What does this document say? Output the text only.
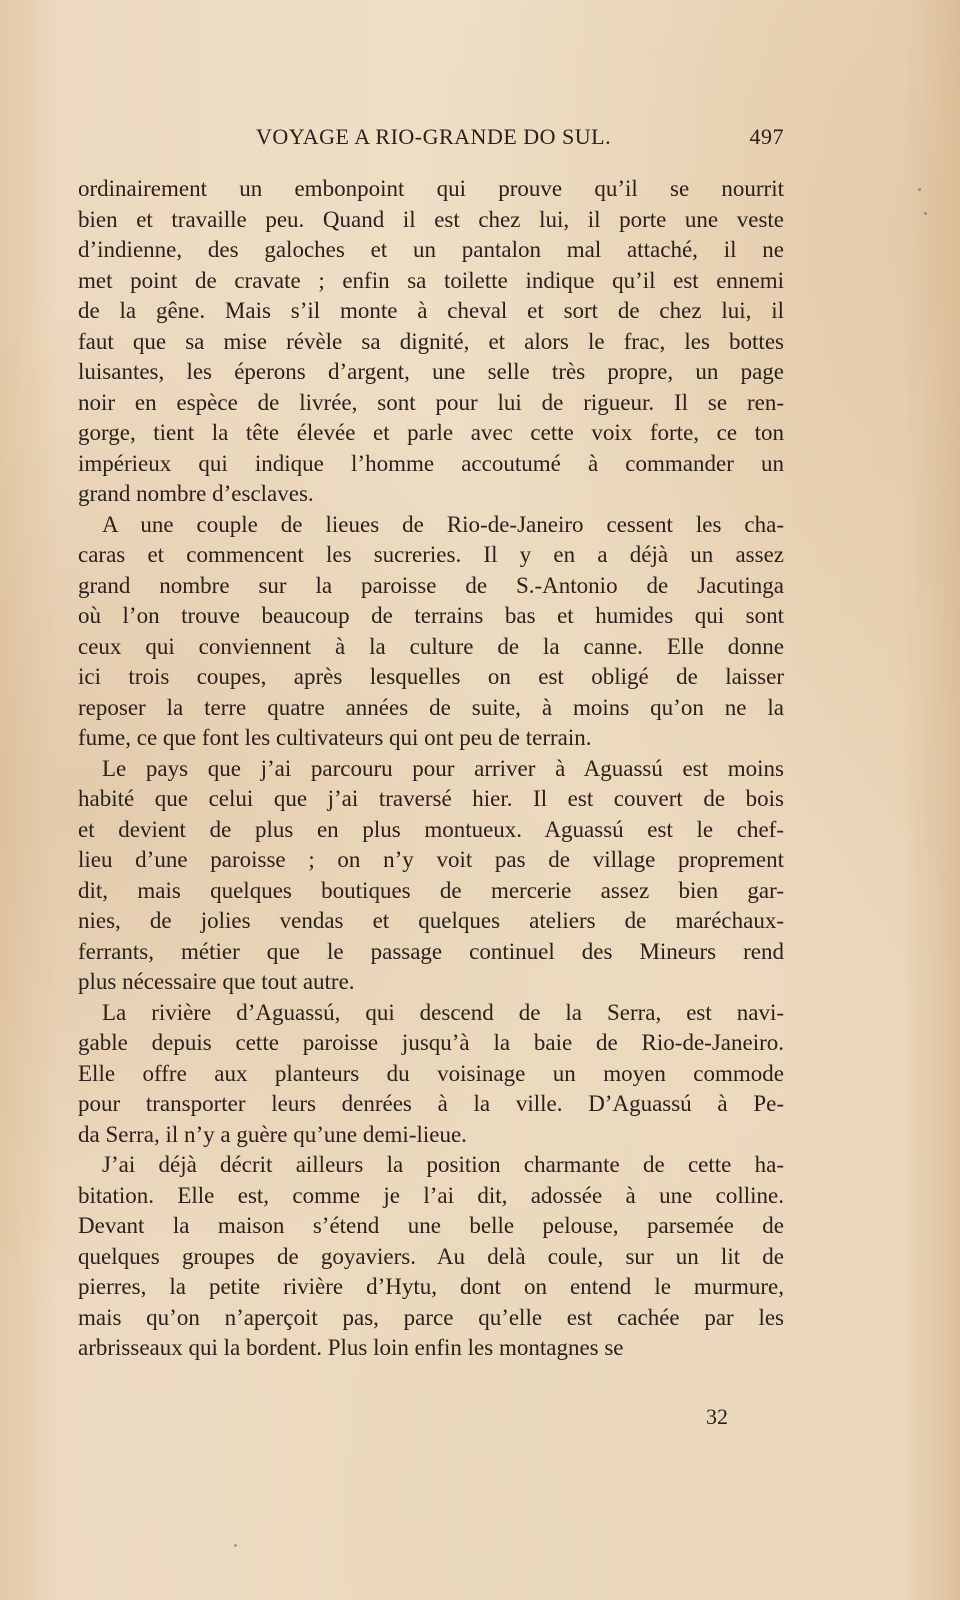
VOYAGE A RIO-GRANDE DO SUL.	497
ordinairement un embonpoint qui prouve qu’il se nourrit
bien et travaille peu. Quand il est chez lui, il porte une veste
d’indienne, des galoches et un pantalon mal attaché, il ne
met point de cravate ; enfin sa toilette indique qu’il est ennemi
de la gêne. Mais s’il monte à cheval et sort de chez lui, il
faut que sa mise révèle sa dignité, et alors le frac, les bottes
luisantes, les éperons d’argent, une selle très propre, un page
noir en espèce de livrée, sont pour lui de rigueur. Il se ren-
gorge, tient la tête élevée et parle avec cette voix forte, ce ton
impérieux qui indique l’homme accoutumé à commander un
grand nombre d’esclaves.
A une couple de lieues de Rio-de-Janeiro cessent les cha-
caras et commencent les sucreries. Il y en a déjà un assez
grand nombre sur la paroisse de S.-Antonio de Jacutinga
où l’on trouve beaucoup de terrains bas et humides qui sont
ceux qui conviennent à la culture de la canne. Elle donne
ici trois coupes, après lesquelles on est obligé de laisser
reposer la terre quatre années de suite, à moins qu’on ne la
fume, ce que font les cultivateurs qui ont peu de terrain.
Le pays que j’ai parcouru pour arriver à Aguassú est moins
habité que celui que j’ai traversé hier. Il est couvert de bois
et devient de plus en plus montueux. Aguassú est le chef-
lieu d’une paroisse ; on n’y voit pas de village proprement
dit, mais quelques boutiques de mercerie assez bien gar-
nies, de jolies vendas et quelques ateliers de maréchaux-
ferrants, métier que le passage continuel des Mineurs rend
plus nécessaire que tout autre.
La rivière d’Aguassú, qui descend de la Serra, est navi-
gable depuis cette paroisse jusqu’à la baie de Rio-de-Janeiro.
Elle offre aux planteurs du voisinage un moyen commode
pour transporter leurs denrées à la ville. D’Aguassú à Pe-
da Serra, il n’y a guère qu’une demi-lieue.
J’ai déjà décrit ailleurs la position charmante de cette ha-
bitation. Elle est, comme je l’ai dit, adossée à une colline.
Devant la maison s’étend une belle pelouse, parsemée de
quelques groupes de goyaviers. Au delà coule, sur un lit de
pierres, la petite rivière d’Hytu, dont on entend le murmure,
mais qu’on n’aperçoit pas, parce qu’elle est cachée par les
arbrisseaux qui la bordent. Plus loin enfin les montagnes se
32
